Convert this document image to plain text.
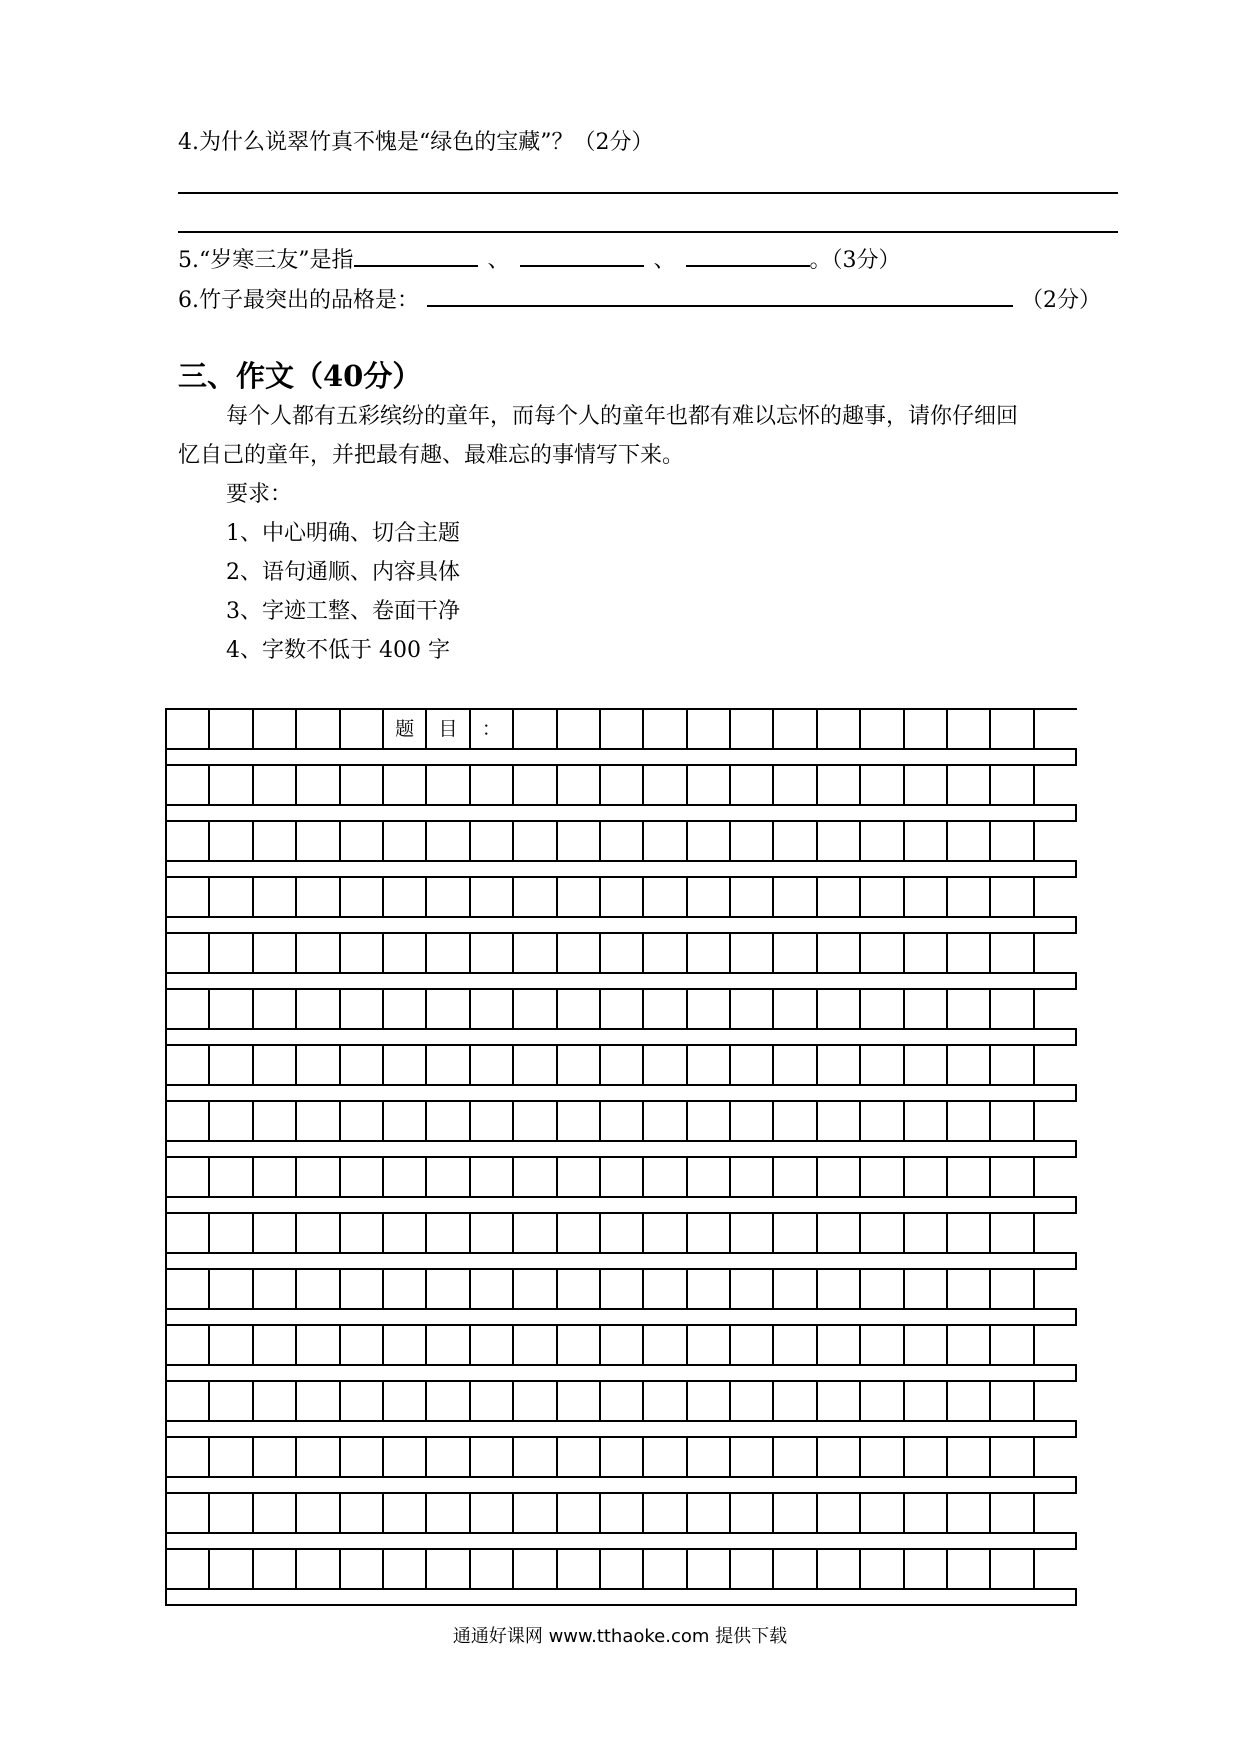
4.为什么说翠竹真不愧是“绿色的宝藏”？（2分）
5.“岁寒三友”是指	、	、	。（3分）
6.竹子最突出的品格是：	（2分）
三、作文（40分）
每个人都有五彩缤纷的童年，而每个人的童年也都有难以忘怀的趣事，请你仔细回
忆自己的童年，并把最有趣、最难忘的事情写下来。
要求：
1、中心明确、切合主题
2、语句通顺、内容具体
3、字迹工整、卷面干净
4、字数不低于 400 字
题	目	：
通通好课网 www.tthaoke.com 提供下载
